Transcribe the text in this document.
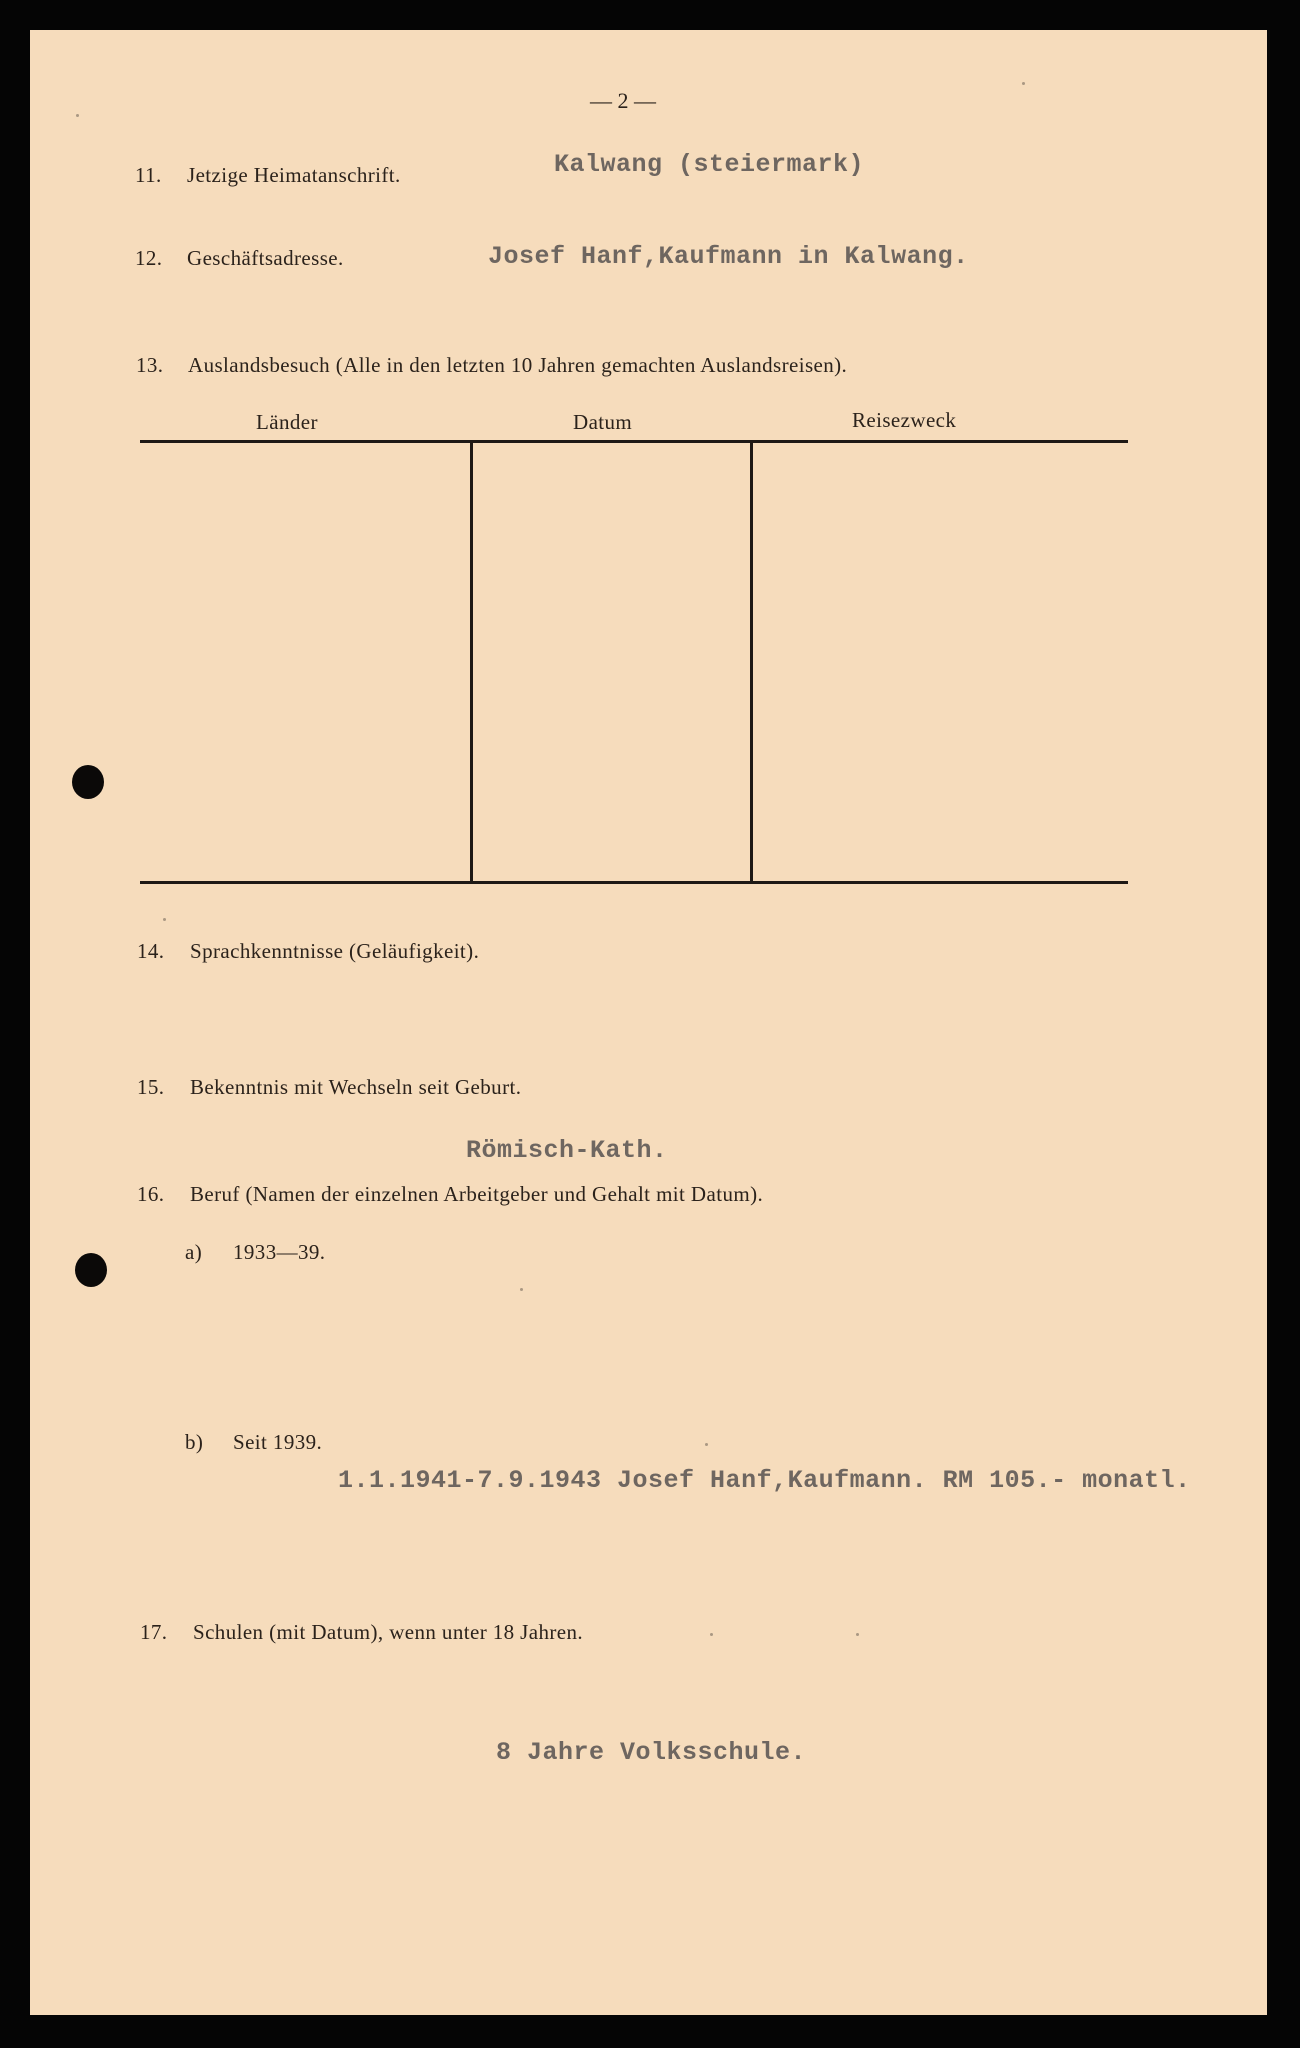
— 2 —
11. Jetzige Heimatanschrift.	Kalwang (steiermark)
12. Geschäftsadresse.	Josef Hanf,Kaufmann in Kalwang.
13. Auslandsbesuch (Alle in den letzten 10 Jahren gemachten Auslandsreisen).
Länder	Datum	Reisezweck
14. Sprachkenntnisse (Geläufigkeit).
15. Bekenntnis mit Wechseln seit Geburt.
Römisch-Kath.
16. Beruf (Namen der einzelnen Arbeitgeber und Gehalt mit Datum).
a) 1933—39.
b) Seit 1939.
1.1.1941-7.9.1943 Josef Hanf,Kaufmann. RM 105.- monatl.
17. Schulen (mit Datum), wenn unter 18 Jahren.
8 Jahre Volksschule.
